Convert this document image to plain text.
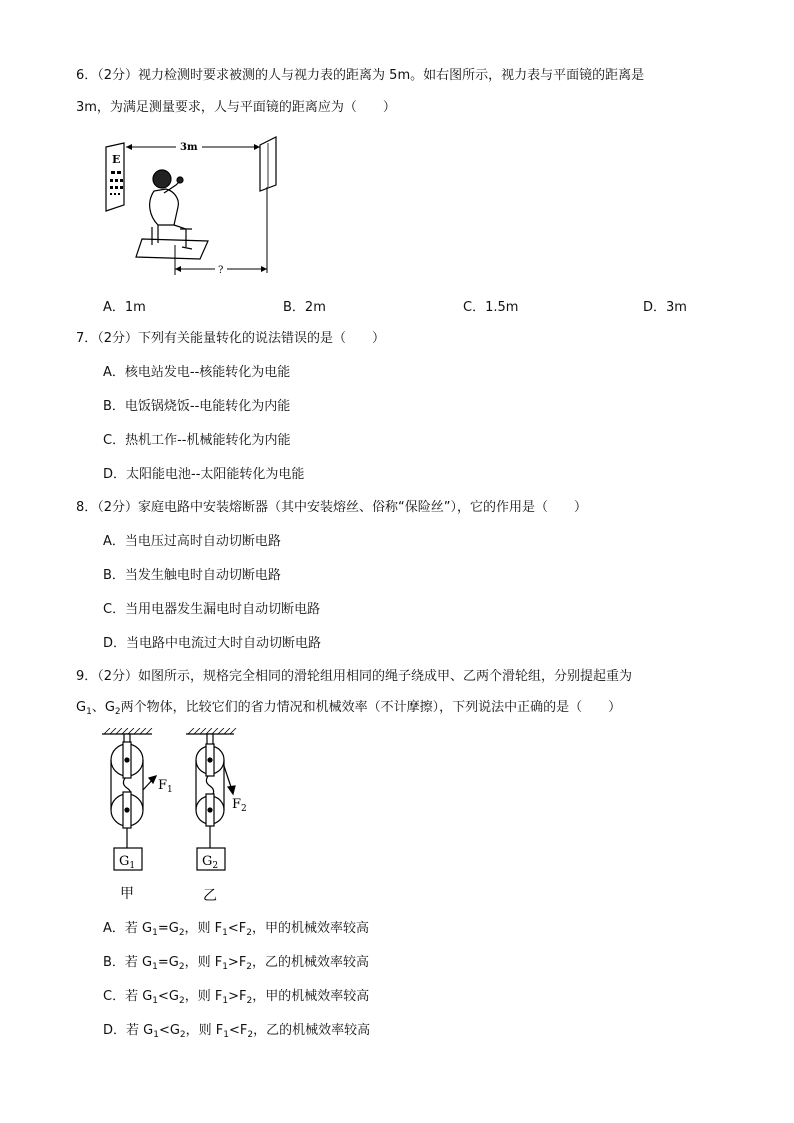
6．（2分）视力检测时要求被测的人与视力表的距离为 5m。如右图所示，视力表与平面镜的距离是
3m，为满足测量要求，人与平面镜的距离应为（　　）
E
3m
?
A．1m	B．2m	C．1.5m	D．3m
7．（2分）下列有关能量转化的说法错误的是（　　）
A．核电站发电--核能转化为电能
B．电饭锅烧饭--电能转化为内能
C．热机工作--机械能转化为内能
D．太阳能电池--太阳能转化为电能
8．（2分）家庭电路中安装熔断器（其中安装熔丝、俗称“保险丝”），它的作用是（　　）
A．当电压过高时自动切断电路
B．当发生触电时自动切断电路
C．当用电器发生漏电时自动切断电路
D．当电路中电流过大时自动切断电路
9．（2分）如图所示，规格完全相同的滑轮组用相同的绳子绕成甲、乙两个滑轮组，分别提起重为
$G_1$、$G_2$两个物体，比较它们的省力情况和机械效率（不计摩擦），下列说法中正确的是（　　）
$F_1$
$G_1$
甲
$F_2$
$G_2$
乙
A．若 $G_1=G_2$，则 $F_1<F_2$，甲的机械效率较高
B．若 $G_1=G_2$，则 $F_1>F_2$，乙的机械效率较高
C．若 $G_1<G_2$，则 $F_1>F_2$，甲的机械效率较高
D．若 $G_1<G_2$，则 $F_1<F_2$，乙的机械效率较高
